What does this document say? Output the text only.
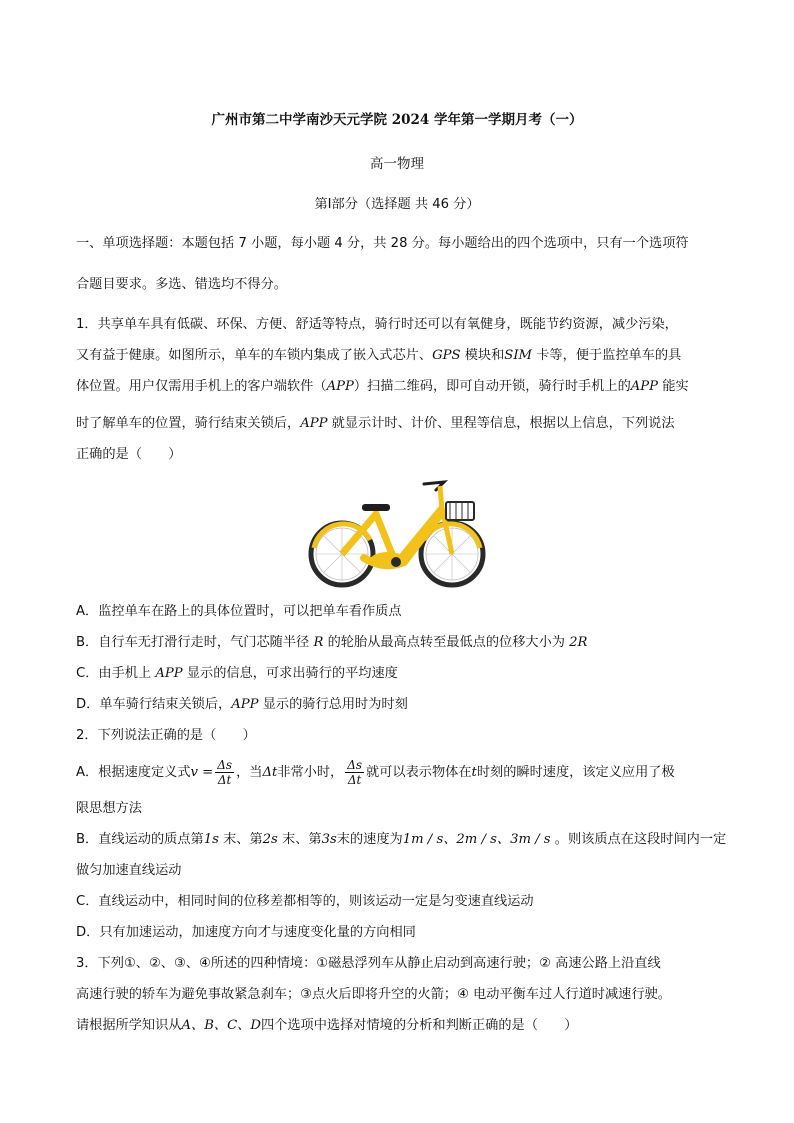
广州市第二中学南沙天元学院 2024 学年第一学期月考（一）
高一物理
第Ⅰ部分（选择题 共 46 分）
一、单项选择题：本题包括 7 小题，每小题 4 分，共 28 分。每小题给出的四个选项中，只有一个选项符
合题目要求。多选、错选均不得分。
1．共享单车具有低碳、环保、方便、舒适等特点，骑行时还可以有氧健身，既能节约资源，减少污染，
又有益于健康。如图所示，单车的车锁内集成了嵌入式芯片、GPS 模块和SIM 卡等，便于监控单车的具
体位置。用户仅需用手机上的客户端软件（APP）扫描二维码，即可自动开锁，骑行时手机上的APP 能实
时了解单车的位置，骑行结束关锁后，APP 就显示计时、计价、里程等信息，根据以上信息，下列说法
正确的是（　　）
A．监控单车在路上的具体位置时，可以把单车看作质点
B．自行车无打滑行走时，气门芯随半径 R 的轮胎从最高点转至最低点的位移大小为 2R
C．由手机上 APP 显示的信息，可求出骑行的平均速度
D．单车骑行结束关锁后，APP 显示的骑行总用时为时刻
2．下列说法正确的是（　　）
A．根据速度定义式$v = \frac{\Delta s}{\Delta t}$ ，当Δt非常小时， $\frac{\Delta s}{\Delta t}$ 就可以表示物体在t时刻的瞬时速度，该定义应用了极
限思想方法
B．直线运动的质点第1s 末、第2s 末、第3s末的速度为1m / s、2m / s、3m / s 。则该质点在这段时间内一定
做匀加速直线运动
C．直线运动中，相同时间的位移差都相等的，则该运动一定是匀变速直线运动
D．只有加速运动，加速度方向才与速度变化量的方向相同
3．下列①、②、③、④所述的四种情境：①磁悬浮列车从静止启动到高速行驶；② 高速公路上沿直线
高速行驶的轿车为避免事故紧急刹车；③点火后即将升空的火箭；④ 电动平衡车过人行道时减速行驶。
请根据所学知识从A、B、C、D四个选项中选择对情境的分析和判断正确的是（　　）
